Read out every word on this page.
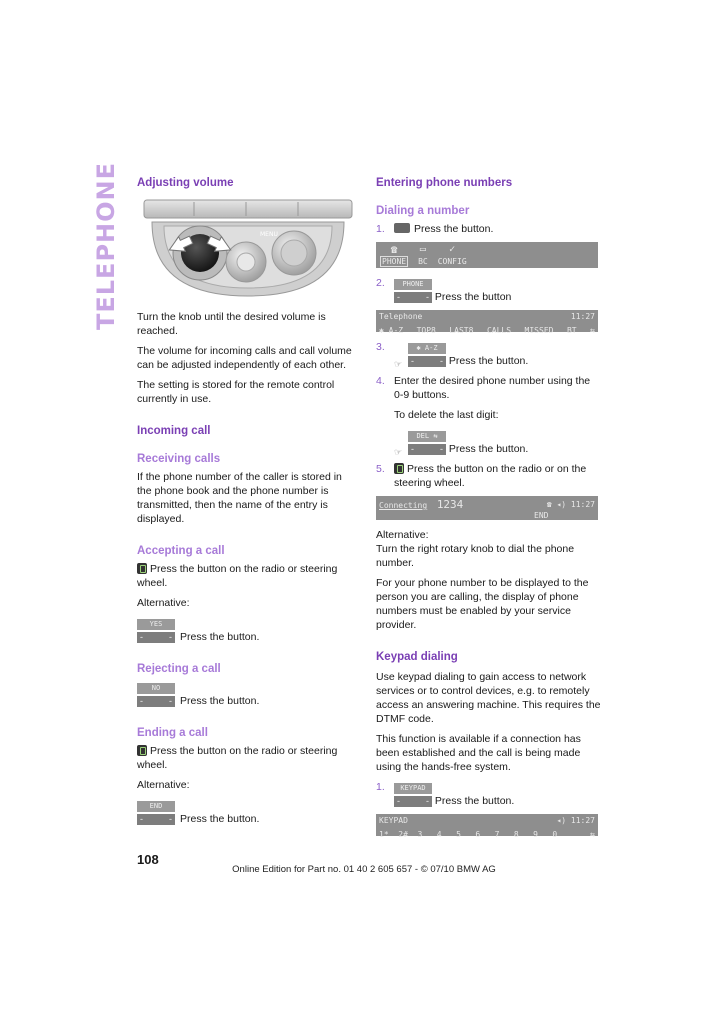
TELEPHONE Adjusting volume
MENU

Turn the knob until the desired volume is reached.

The volume for incoming calls and call volume can be adjusted independently of each other.

The setting is stored for the remote control currently in use.

Incoming call
Receiving calls

If the phone number of the caller is stored in the phone book and the phone number is transmitted, then the name of the entry is displayed.

Accepting a call

Press the button on the radio or steering wheel.

Alternative:

YES
- -
Press the button.
Rejecting a call
NO
- -
Press the button.
Ending a call

Press the button on the radio or steering wheel.

Alternative:

END
- -
Press the button.
Entering phone numbers
Dialing a number
1.	Press the button.
☎
PHONE
▭
BC
✓
CONFIG
2.	PHONE
- - Press the button
Telephone	11:27
✱ A-Z TOP8 LAST8 CALLS MISSED BT ⇆
3.	✱ A-Z
☞ - -	Press the button.
4. Enter the desired phone number using the 0-9 buttons.

To delete the last digit:

DEL ⇆
☞ - -	Press the button.
5.	Press the button on the radio or on the steering wheel.
Connecting 1234	☎ ◂) 11:27
END

Alternative:

Turn the right rotary knob to dial the phone number.

For your phone number to be displayed to the person you are calling, the display of phone numbers must be enabled by your service provider.

Keypad dialing

Use keypad dialing to gain access to network services or to control devices, e.g. to remotely access an answering machine. This requires the DTMF code.

This function is available if a connection has been established and the call is being made using the hands-free system.

1.	KEYPAD
- - Press the button.
KEYPAD	◂) 11:27
1*  2#  3   4   5   6   7   8   9   0	⇆
108
Online Edition for Part no. 01 40 2 605 657 - © 07/10 BMW AG
